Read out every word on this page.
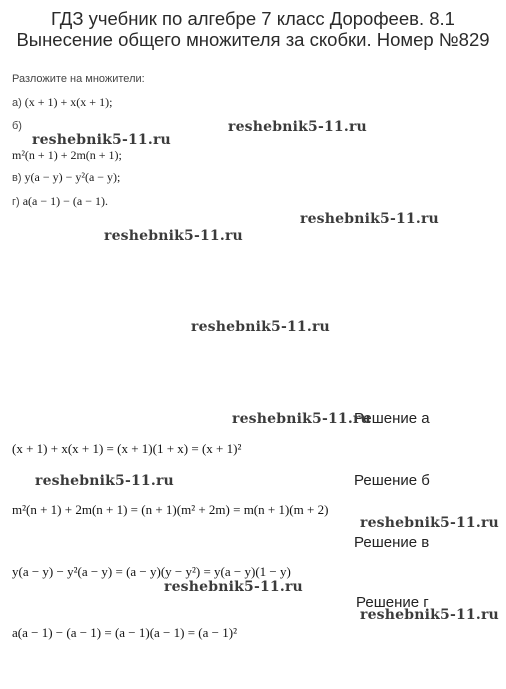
ГДЗ учебник по алгебре 7 класс Дорофеев. 8.1 Вынесение общего множителя за скобки. Номер №829
Разложите на множители:
а) (x + 1) + x(x + 1);
б)
m²(n + 1) + 2m(n + 1);
в) y(a − y) − y²(a − y);
г) a(a − 1) − (a − 1).
Решение а
(x + 1) + x(x + 1) = (x + 1)(1 + x) = (x + 1)²
Решение б
m²(n + 1) + 2m(n + 1) = (n + 1)(m² + 2m) = m(n + 1)(m + 2)
Решение в
y(a − y) − y²(a − y) = (a − y)(y − y²) = y(a − y)(1 − y)
Решение г
a(a − 1) − (a − 1) = (a − 1)(a − 1) = (a − 1)²
reshebnik5-11.ru
reshebnik5-11.ru
reshebnik5-11.ru
reshebnik5-11.ru
reshebnik5-11.ru
reshebnik5-11.ru
reshebnik5-11.ru
reshebnik5-11.ru
reshebnik5-11.ru
reshebnik5-11.ru
